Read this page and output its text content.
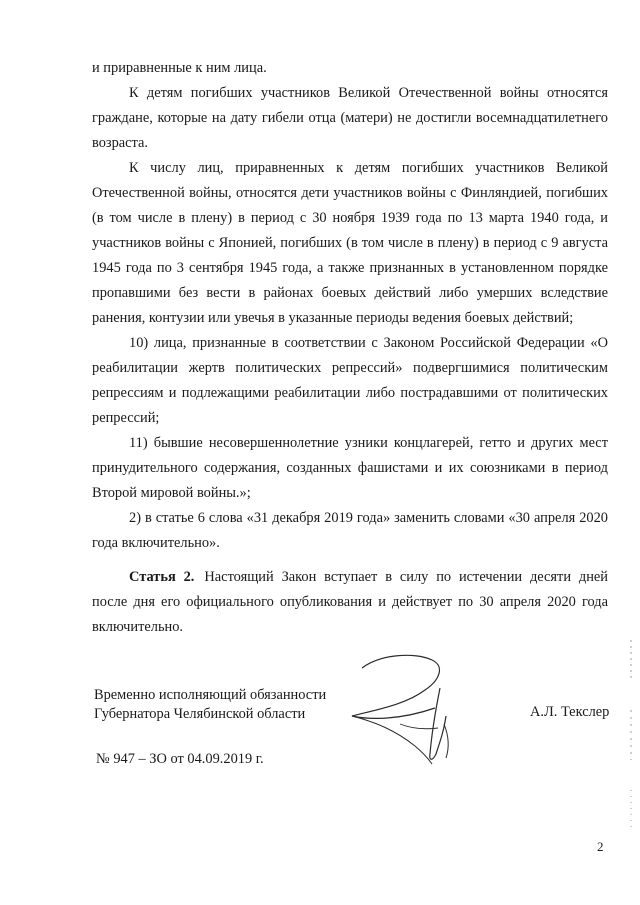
и приравненные к ним лица.

К детям погибших участников Великой Отечественной войны относятся граждане, которые на дату гибели отца (матери) не достигли восемнадцатилетнего возраста.

К числу лиц, приравненных к детям погибших участников Великой Отечественной войны, относятся дети участников войны с Финляндией, погибших (в том числе в плену) в период с 30 ноября 1939 года по 13 марта 1940 года, и участников войны с Японией, погибших (в том числе в плену) в период с 9 августа 1945 года по 3 сентября 1945 года, а также признанных в установленном порядке пропавшими без вести в районах боевых действий либо умерших вследствие ранения, контузии или увечья в указанные периоды ведения боевых действий;

10) лица, признанные в соответствии с Законом Российской Федерации «О реабилитации жертв политических репрессий» подвергшимися политическим репрессиям и подлежащими реабилитации либо пострадавшими от политических репрессий;

11) бывшие несовершеннолетние узники концлагерей, гетто и других мест принудительного содержания, созданных фашистами и их союзниками в период Второй мировой войны.»;

2) в статье 6 слова «31 декабря 2019 года» заменить словами «30 апреля 2020 года включительно».

Статья 2. Настоящий Закон вступает в силу по истечении десяти дней после дня его официального опубликования и действует по 30 апреля 2020 года включительно.

Временно исполняющий обязанности
Губернатора Челябинской области	А.Л. Текслер
№ 947 – ЗО от 04.09.2019 г.
2
